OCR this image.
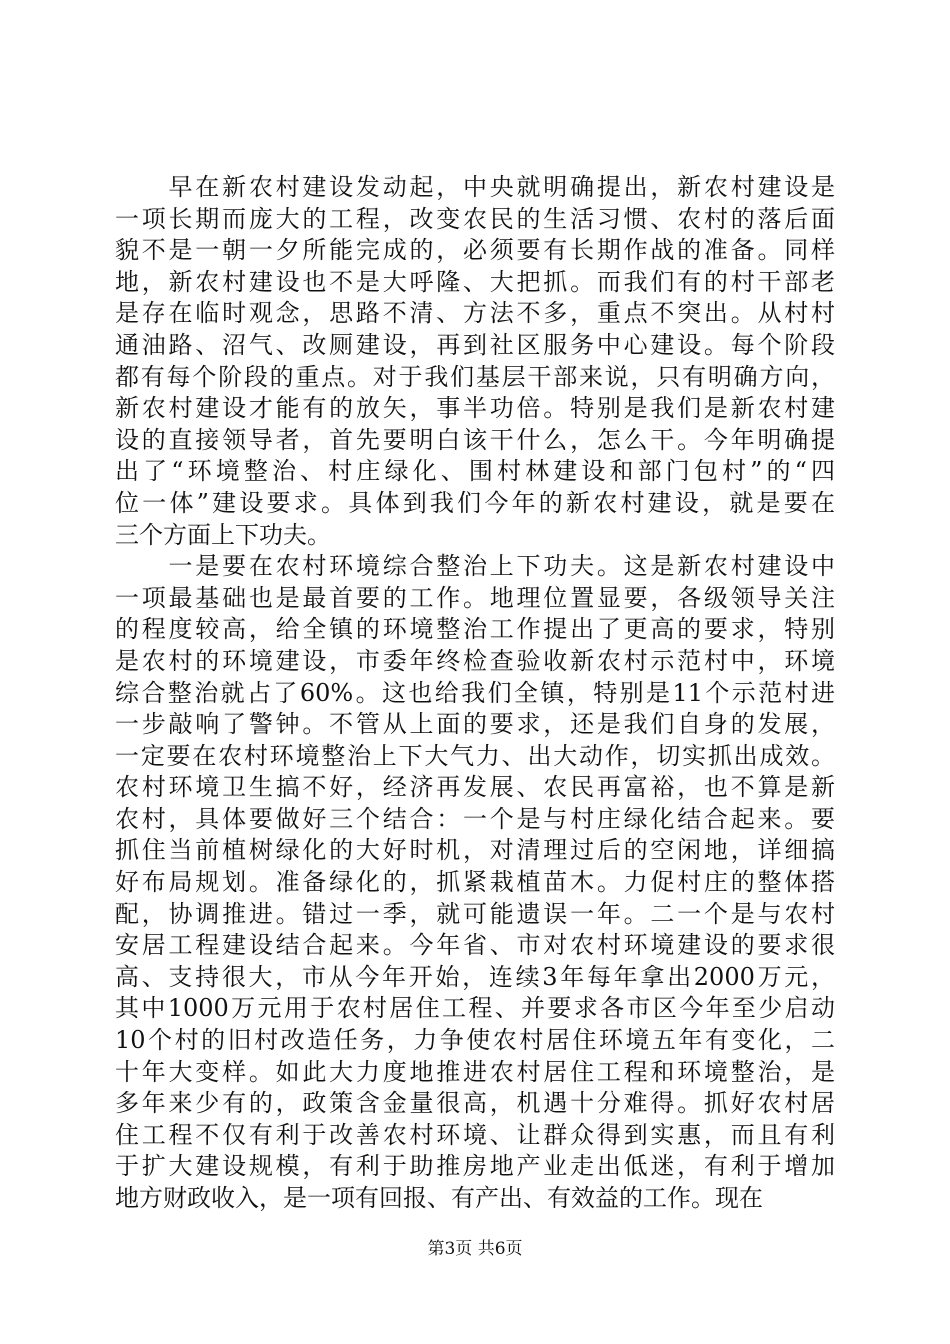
　　早在新农村建设发动起，中央就明确提出，新农村建设是
一项长期而庞大的工程，改变农民的生活习惯、农村的落后面
貌不是一朝一夕所能完成的，必须要有长期作战的准备。同样
地，新农村建设也不是大呼隆、大把抓。而我们有的村干部老
是存在临时观念，思路不清、方法不多，重点不突出。从村村
通油路、沼气、改厕建设，再到社区服务中心建设。每个阶段
都有每个阶段的重点。对于我们基层干部来说，只有明确方向，
新农村建设才能有的放矢，事半功倍。特别是我们是新农村建
设的直接领导者，首先要明白该干什么，怎么干。今年明确提
出了“环境整治、村庄绿化、围村林建设和部门包村”的“四
位一体”建设要求。具体到我们今年的新农村建设，就是要在
三个方面上下功夫。
　　一是要在农村环境综合整治上下功夫。这是新农村建设中
一项最基础也是最首要的工作。地理位置显要，各级领导关注
的程度较高，给全镇的环境整治工作提出了更高的要求，特别
是农村的环境建设，市委年终检查验收新农村示范村中，环境
综合整治就占了60%。这也给我们全镇，特别是11个示范村进
一步敲响了警钟。不管从上面的要求，还是我们自身的发展，
一定要在农村环境整治上下大气力、出大动作，切实抓出成效。
农村环境卫生搞不好，经济再发展、农民再富裕，也不算是新
农村，具体要做好三个结合：一个是与村庄绿化结合起来。要
抓住当前植树绿化的大好时机，对清理过后的空闲地，详细搞
好布局规划。准备绿化的，抓紧栽植苗木。力促村庄的整体搭
配，协调推进。错过一季，就可能遗误一年。二一个是与农村
安居工程建设结合起来。今年省、市对农村环境建设的要求很
高、支持很大，市从今年开始，连续3年每年拿出2000万元，
其中1000万元用于农村居住工程、并要求各市区今年至少启动
10个村的旧村改造任务，力争使农村居住环境五年有变化，二
十年大变样。如此大力度地推进农村居住工程和环境整治，是
多年来少有的，政策含金量很高，机遇十分难得。抓好农村居
住工程不仅有利于改善农村环境、让群众得到实惠，而且有利
于扩大建设规模，有利于助推房地产业走出低迷，有利于增加
地方财政收入，是一项有回报、有产出、有效益的工作。现在
第3页 共6页
